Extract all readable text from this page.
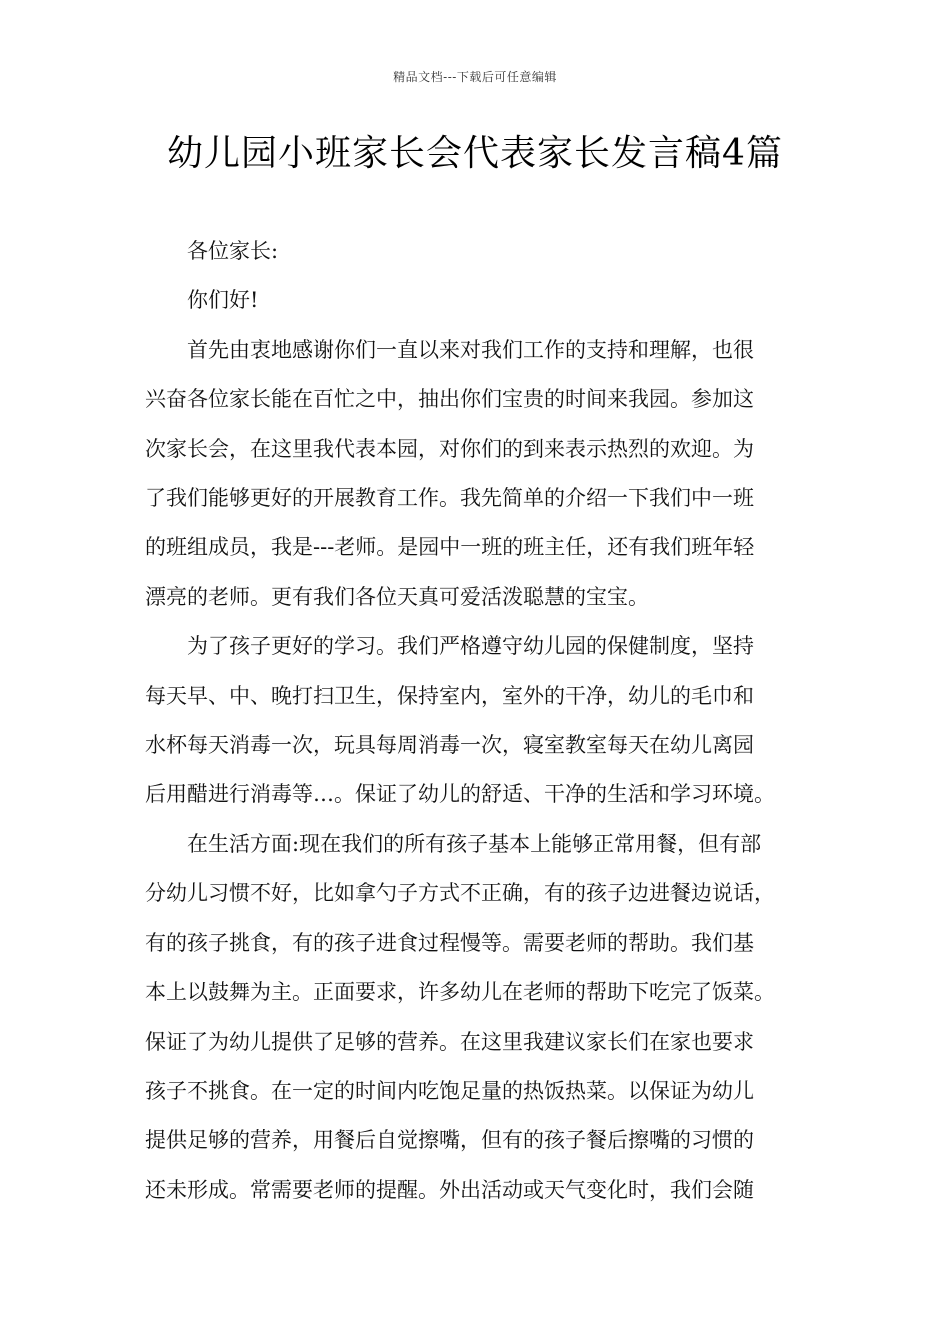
精品文档---下载后可任意编辑
幼儿园小班家长会代表家长发言稿4篇
各位家长:
你们好!
首先由衷地感谢你们一直以来对我们工作的支持和理解，也很
兴奋各位家长能在百忙之中，抽出你们宝贵的时间来我园。参加这
次家长会，在这里我代表本园，对你们的到来表示热烈的欢迎。为
了我们能够更好的开展教育工作。我先简单的介绍一下我们中一班
的班组成员，我是---老师。是园中一班的班主任，还有我们班年轻
漂亮的老师。更有我们各位天真可爱活泼聪慧的宝宝。
为了孩子更好的学习。我们严格遵守幼儿园的保健制度，坚持
每天早、中、晚打扫卫生，保持室内，室外的干净，幼儿的毛巾和
水杯每天消毒一次，玩具每周消毒一次，寝室教室每天在幼儿离园
后用醋进行消毒等…。保证了幼儿的舒适、干净的生活和学习环境。
在生活方面:现在我们的所有孩子基本上能够正常用餐，但有部
分幼儿习惯不好，比如拿勺子方式不正确，有的孩子边进餐边说话，
有的孩子挑食，有的孩子进食过程慢等。需要老师的帮助。我们基
本上以鼓舞为主。正面要求，许多幼儿在老师的帮助下吃完了饭菜。
保证了为幼儿提供了足够的营养。在这里我建议家长们在家也要求
孩子不挑食。在一定的时间内吃饱足量的热饭热菜。以保证为幼儿
提供足够的营养，用餐后自觉擦嘴，但有的孩子餐后擦嘴的习惯的
还未形成。常需要老师的提醒。外出活动或天气变化时，我们会随
